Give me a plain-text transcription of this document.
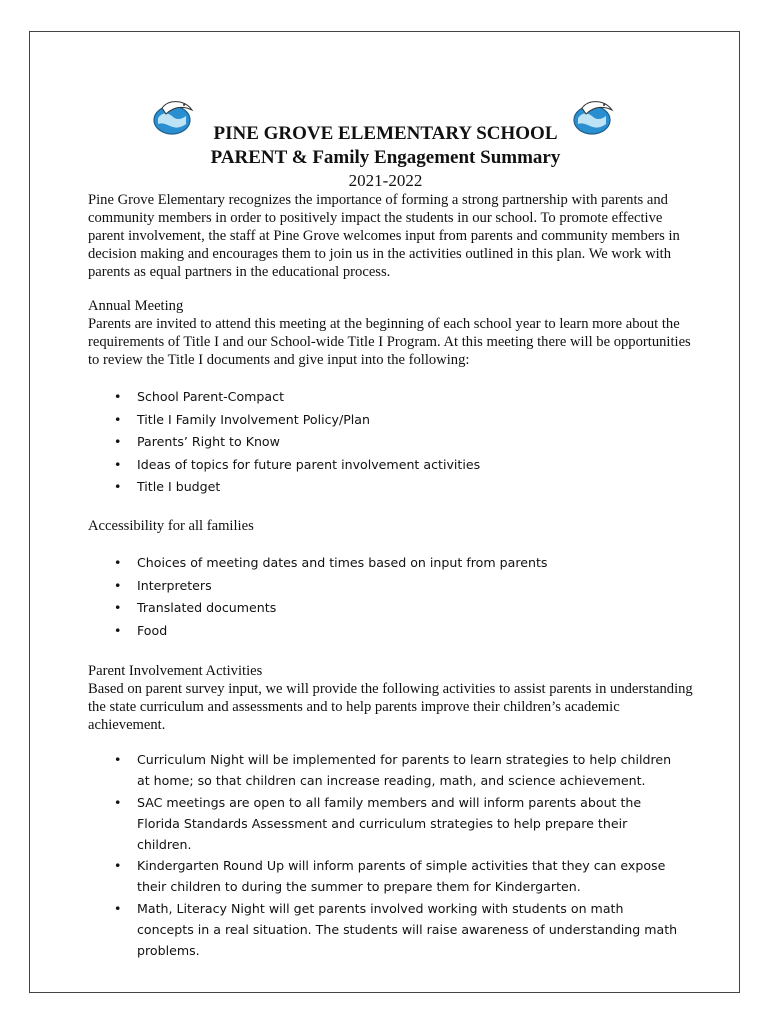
PINE GROVE ELEMENTARY SCHOOL
PARENT & Family Engagement Summary
2021-2022

Pine Grove Elementary recognizes the importance of forming a strong partnership with parents and community members in order to positively impact the students in our school. To promote effective parent involvement, the staff at Pine Grove welcomes input from parents and community members in decision making and encourages them to join us in the activities outlined in this plan. We work with parents as equal partners in the educational process.

Annual Meeting

Parents are invited to attend this meeting at the beginning of each school year to learn more about the requirements of Title I and our School-wide Title I Program. At this meeting there will be opportunities to review the Title I documents and give input into the following:

• School Parent-Compact
• Title I Family Involvement Policy/Plan
• Parents’ Right to Know
• Ideas of topics for future parent involvement activities
• Title I budget
Accessibility for all families
• Choices of meeting dates and times based on input from parents
• Interpreters
• Translated documents
• Food
Parent Involvement Activities

Based on parent survey input, we will provide the following activities to assist parents in understanding the state curriculum and assessments and to help parents improve their children’s academic achievement.

• Curriculum Night will be implemented for parents to learn strategies to help children at home; so that children can increase reading, math, and science achievement.
• SAC meetings are open to all family members and will inform parents about the Florida Standards Assessment and curriculum strategies to help prepare their children.
• Kindergarten Round Up will inform parents of simple activities that they can expose their children to during the summer to prepare them for Kindergarten.
• Math, Literacy Night will get parents involved working with students on math concepts in a real situation. The students will raise awareness of understanding math problems.
